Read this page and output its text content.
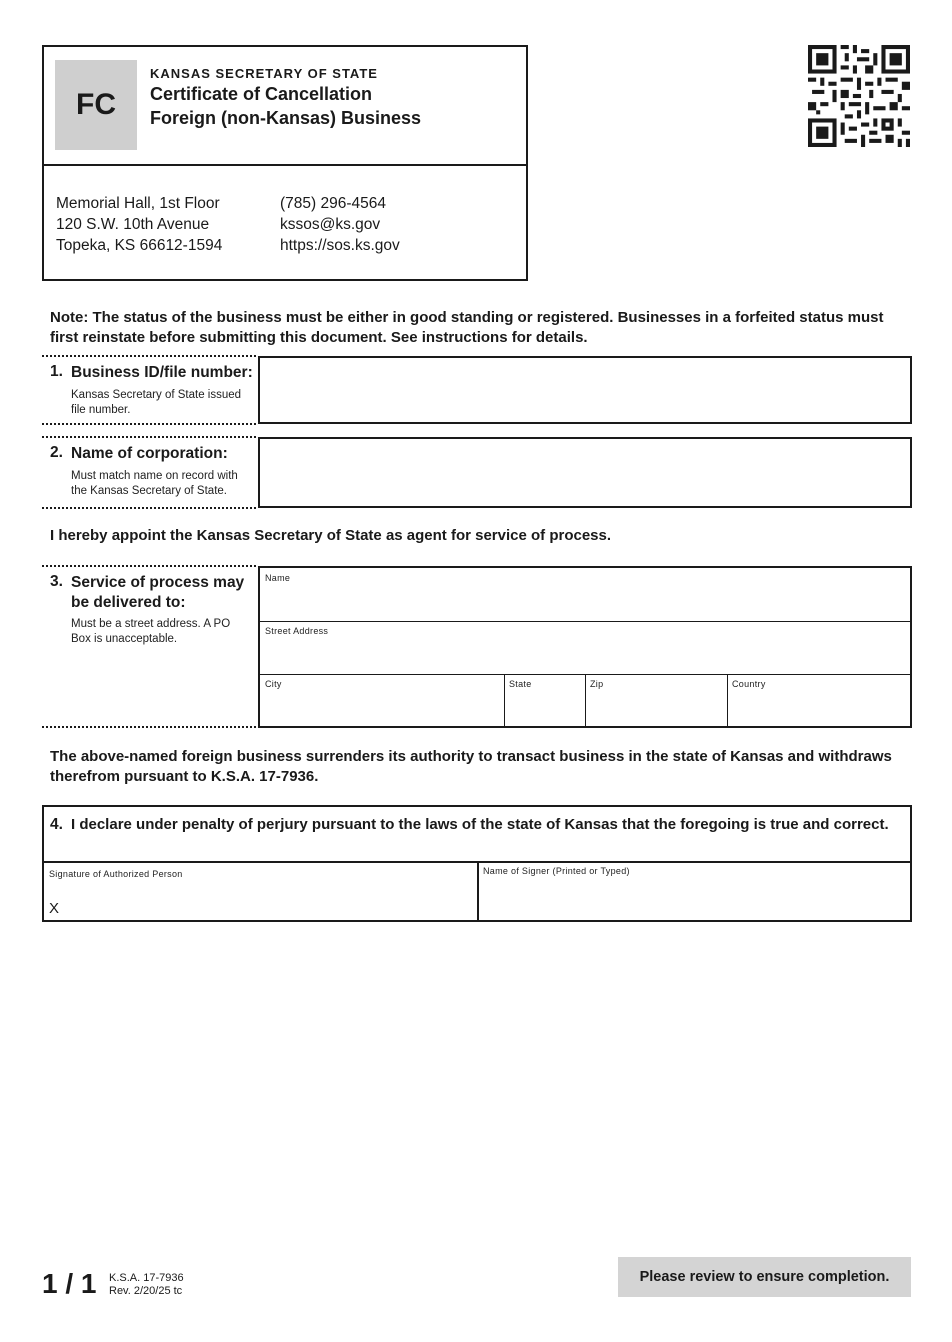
FC
KANSAS SECRETARY OF STATE
Certificate of Cancellation
Foreign (non-Kansas) Business
Memorial Hall, 1st Floor
120 S.W. 10th Avenue
Topeka, KS 66612-1594
(785) 296-4564
kssos@ks.gov
https://sos.ks.gov
Note: The status of the business must be either in good standing or registered. Businesses in a forfeited status must first reinstate before submitting this document. See instructions for details.
1. Business ID/file number:
Kansas Secretary of State issued file number.
2. Name of corporation:
Must match name on record with the Kansas Secretary of State.
I hereby appoint the Kansas Secretary of State as agent for service of process.
3. Service of process may be delivered to:
Must be a street address. A PO Box is unacceptable.
Name
Street Address
City	State	Zip	Country
The above-named foreign business surrenders its authority to transact business in the state of Kansas and withdraws therefrom pursuant to K.S.A. 17-7936.
Signature of Authorized Person
X
Name of Signer (Printed or Typed)
4. I declare under penalty of perjury pursuant to the laws of the state of Kansas that the foregoing is true and correct.
1 / 1 K.S.A. 17-7936
Rev. 2/20/25 tc
Please review to ensure completion.
